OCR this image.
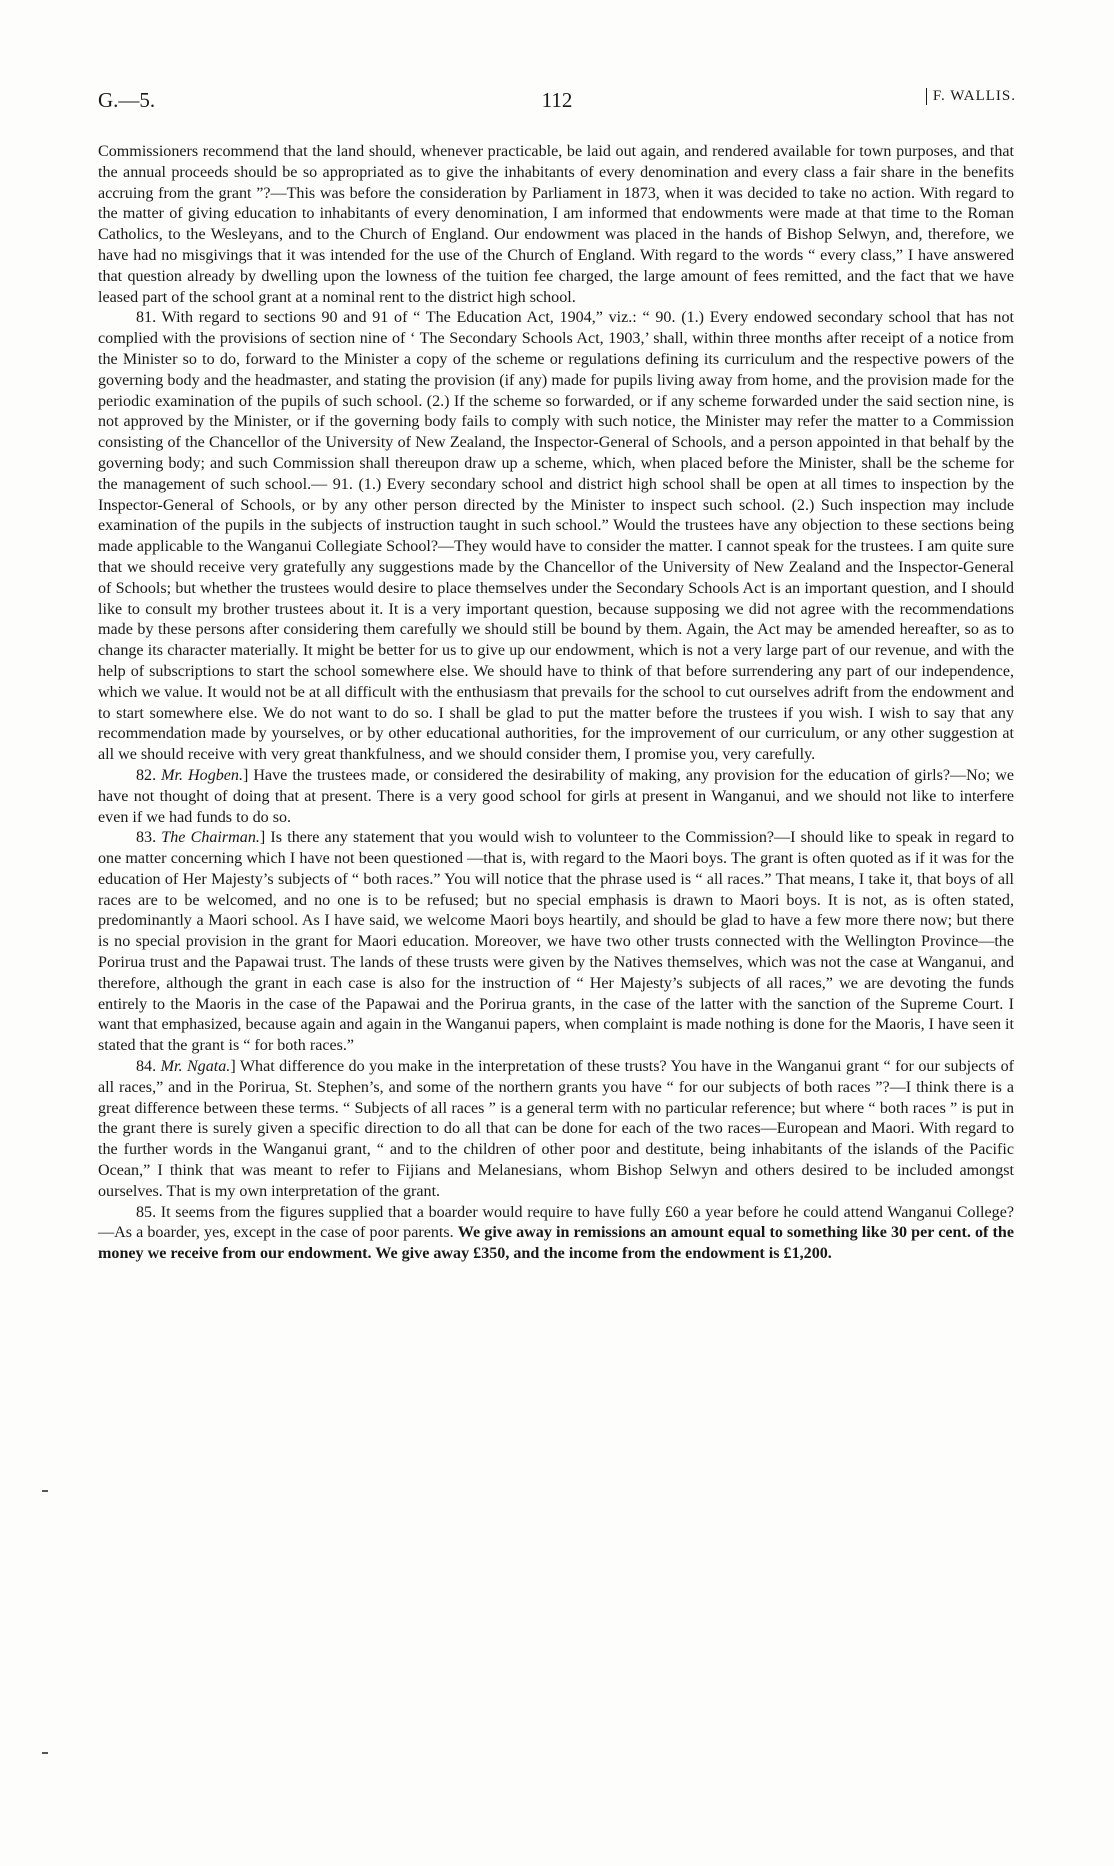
G.—5.	112	F. WALLIS.

Commissioners recommend that the land should, whenever practicable, be laid out again, and rendered available for town purposes, and that the annual proceeds should be so appropriated as to give the inhabitants of every denomination and every class a fair share in the benefits accruing from the grant ”?—This was before the consideration by Parliament in 1873, when it was decided to take no action. With regard to the matter of giving education to inhabitants of every denomination, I am informed that endowments were made at that time to the Roman Catholics, to the Wesleyans, and to the Church of England. Our endowment was placed in the hands of Bishop Selwyn, and, therefore, we have had no misgivings that it was intended for the use of the Church of England. With regard to the words “ every class,” I have answered that question already by dwelling upon the lowness of the tuition fee charged, the large amount of fees remitted, and the fact that we have leased part of the school grant at a nominal rent to the district high school.

81. With regard to sections 90 and 91 of “ The Education Act, 1904,” viz.: “ 90. (1.) Every endowed secondary school that has not complied with the provisions of section nine of ‘ The Secondary Schools Act, 1903,’ shall, within three months after receipt of a notice from the Minister so to do, forward to the Minister a copy of the scheme or regulations defining its curriculum and the respective powers of the governing body and the headmaster, and stating the provision (if any) made for pupils living away from home, and the provision made for the periodic examination of the pupils of such school. (2.) If the scheme so forwarded, or if any scheme forwarded under the said section nine, is not approved by the Minister, or if the governing body fails to comply with such notice, the Minister may refer the matter to a Commission consisting of the Chancellor of the University of New Zealand, the Inspector-General of Schools, and a person appointed in that behalf by the governing body; and such Commission shall thereupon draw up a scheme, which, when placed before the Minister, shall be the scheme for the management of such school.— 91. (1.) Every secondary school and district high school shall be open at all times to inspection by the Inspector-General of Schools, or by any other person directed by the Minister to inspect such school. (2.) Such inspection may include examination of the pupils in the subjects of instruction taught in such school.” Would the trustees have any objection to these sections being made applicable to the Wanganui Collegiate School?—They would have to consider the matter. I cannot speak for the trustees. I am quite sure that we should receive very gratefully any suggestions made by the Chancellor of the University of New Zealand and the Inspector-General of Schools; but whether the trustees would desire to place themselves under the Secondary Schools Act is an important question, and I should like to consult my brother trustees about it. It is a very important question, because supposing we did not agree with the recommendations made by these persons after considering them carefully we should still be bound by them. Again, the Act may be amended hereafter, so as to change its character materially. It might be better for us to give up our endowment, which is not a very large part of our revenue, and with the help of subscriptions to start the school somewhere else. We should have to think of that before surrendering any part of our independence, which we value. It would not be at all difficult with the enthusiasm that prevails for the school to cut ourselves adrift from the endowment and to start somewhere else. We do not want to do so. I shall be glad to put the matter before the trustees if you wish. I wish to say that any recommendation made by yourselves, or by other educational authorities, for the improvement of our curriculum, or any other suggestion at all we should receive with very great thankfulness, and we should consider them, I promise you, very carefully.

82. Mr. Hogben.] Have the trustees made, or considered the desirability of making, any provision for the education of girls?—No; we have not thought of doing that at present. There is a very good school for girls at present in Wanganui, and we should not like to interfere even if we had funds to do so.

83. The Chairman.] Is there any statement that you would wish to volunteer to the Commission?—I should like to speak in regard to one matter concerning which I have not been questioned —that is, with regard to the Maori boys. The grant is often quoted as if it was for the education of Her Majesty’s subjects of “ both races.” You will notice that the phrase used is “ all races.” That means, I take it, that boys of all races are to be welcomed, and no one is to be refused; but no special emphasis is drawn to Maori boys. It is not, as is often stated, predominantly a Maori school. As I have said, we welcome Maori boys heartily, and should be glad to have a few more there now; but there is no special provision in the grant for Maori education. Moreover, we have two other trusts connected with the Wellington Province—the Porirua trust and the Papawai trust. The lands of these trusts were given by the Natives themselves, which was not the case at Wanganui, and therefore, although the grant in each case is also for the instruction of “ Her Majesty’s subjects of all races,” we are devoting the funds entirely to the Maoris in the case of the Papawai and the Porirua grants, in the case of the latter with the sanction of the Supreme Court. I want that emphasized, because again and again in the Wanganui papers, when complaint is made nothing is done for the Maoris, I have seen it stated that the grant is “ for both races.”

84. Mr. Ngata.] What difference do you make in the interpretation of these trusts? You have in the Wanganui grant “ for our subjects of all races,” and in the Porirua, St. Stephen’s, and some of the northern grants you have “ for our subjects of both races ”?—I think there is a great difference between these terms. “ Subjects of all races ” is a general term with no particular reference; but where “ both races ” is put in the grant there is surely given a specific direction to do all that can be done for each of the two races—European and Maori. With regard to the further words in the Wanganui grant, “ and to the children of other poor and destitute, being inhabitants of the islands of the Pacific Ocean,” I think that was meant to refer to Fijians and Melanesians, whom Bishop Selwyn and others desired to be included amongst ourselves. That is my own interpretation of the grant.

85. It seems from the figures supplied that a boarder would require to have fully £60 a year before he could attend Wanganui College?—As a boarder, yes, except in the case of poor parents. We give away in remissions an amount equal to something like 30 per cent. of the money we receive from our endowment. We give away £350, and the income from the endowment is £1,200.
